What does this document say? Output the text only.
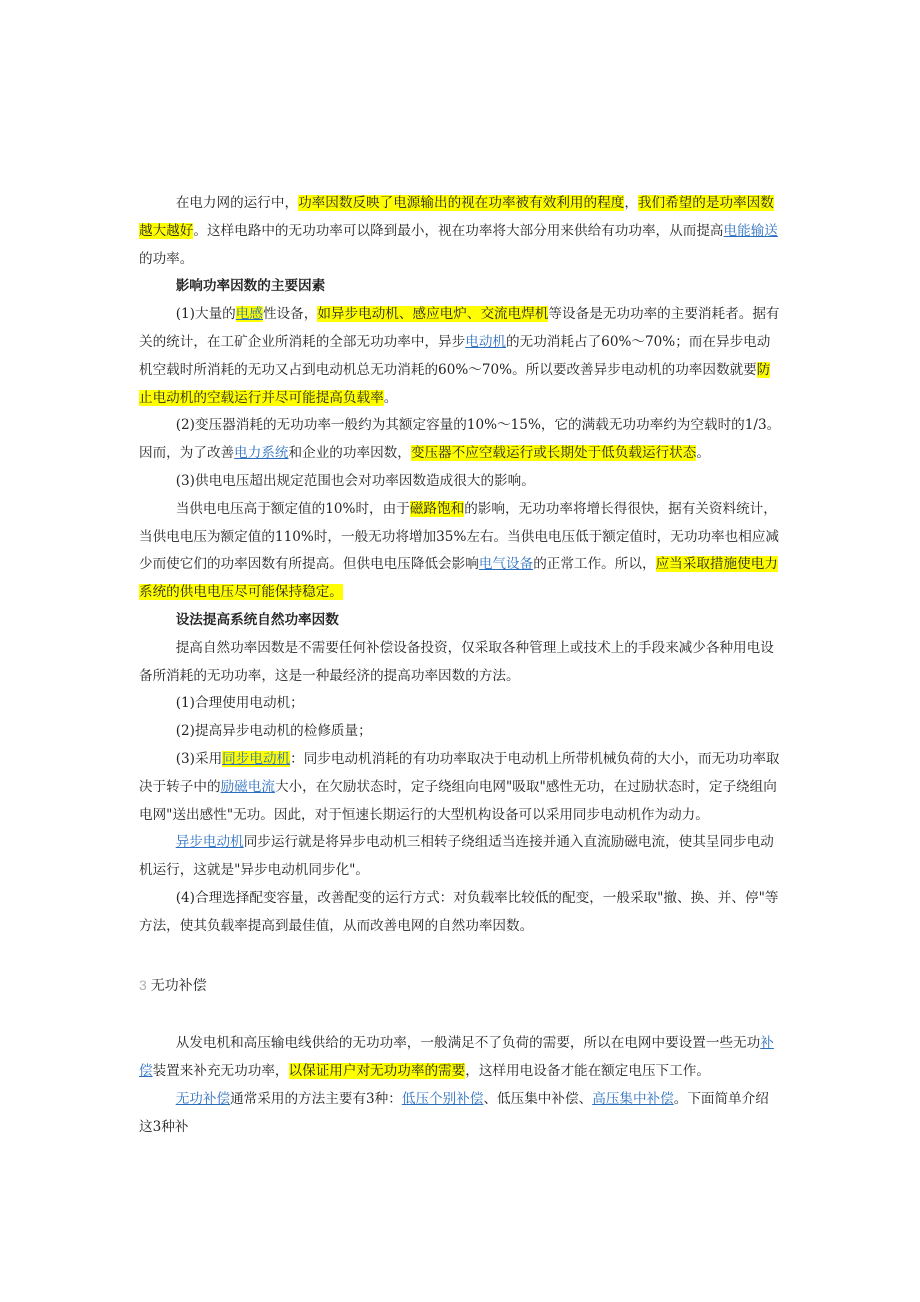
在电力网的运行中，功率因数反映了电源输出的视在功率被有效利用的程度，我们希望的是功率因数越大越好。这样电路中的无功功率可以降到最小，视在功率将大部分用来供给有功功率，从而提高电能输送的功率。

影响功率因数的主要因素

(1)大量的电感性设备，如异步电动机、感应电炉、交流电焊机等设备是无功功率的主要消耗者。据有关的统计，在工矿企业所消耗的全部无功功率中，异步电动机的无功消耗占了60%～70%；而在异步电动机空载时所消耗的无功又占到电动机总无功消耗的60%～70%。所以要改善异步电动机的功率因数就要防止电动机的空载运行并尽可能提高负载率。

(2)变压器消耗的无功功率一般约为其额定容量的10%～15%，它的满载无功功率约为空载时的1/3。因而，为了改善电力系统和企业的功率因数，变压器不应空载运行或长期处于低负载运行状态。

(3)供电电压超出规定范围也会对功率因数造成很大的影响。

当供电电压高于额定值的10%时，由于磁路饱和的影响，无功功率将增长得很快，据有关资料统计，当供电电压为额定值的110%时，一般无功将增加35%左右。当供电电压低于额定值时，无功功率也相应减少而使它们的功率因数有所提高。但供电电压降低会影响电气设备的正常工作。所以，应当采取措施使电力系统的供电电压尽可能保持稳定。

设法提高系统自然功率因数

提高自然功率因数是不需要任何补偿设备投资，仅采取各种管理上或技术上的手段来减少各种用电设备所消耗的无功功率，这是一种最经济的提高功率因数的方法。

(1)合理使用电动机；

(2)提高异步电动机的检修质量；

(3)采用同步电动机：同步电动机消耗的有功功率取决于电动机上所带机械负荷的大小，而无功功率取决于转子中的励磁电流大小，在欠励状态时，定子绕组向电网"吸取"感性无功，在过励状态时，定子绕组向电网"送出感性"无功。因此，对于恒速长期运行的大型机构设备可以采用同步电动机作为动力。

异步电动机同步运行就是将异步电动机三相转子绕组适当连接并通入直流励磁电流，使其呈同步电动机运行，这就是"异步电动机同步化"。

(4)合理选择配变容量，改善配变的运行方式：对负载率比较低的配变，一般采取"撤、换、并、停"等方法，使其负载率提高到最佳值，从而改善电网的自然功率因数。

3 无功补偿

从发电机和高压输电线供给的无功功率，一般满足不了负荷的需要，所以在电网中要设置一些无功补偿装置来补充无功功率，以保证用户对无功功率的需要，这样用电设备才能在额定电压下工作。

无功补偿通常采用的方法主要有3种：低压个别补偿、低压集中补偿、高压集中补偿。下面简单介绍这3种补
